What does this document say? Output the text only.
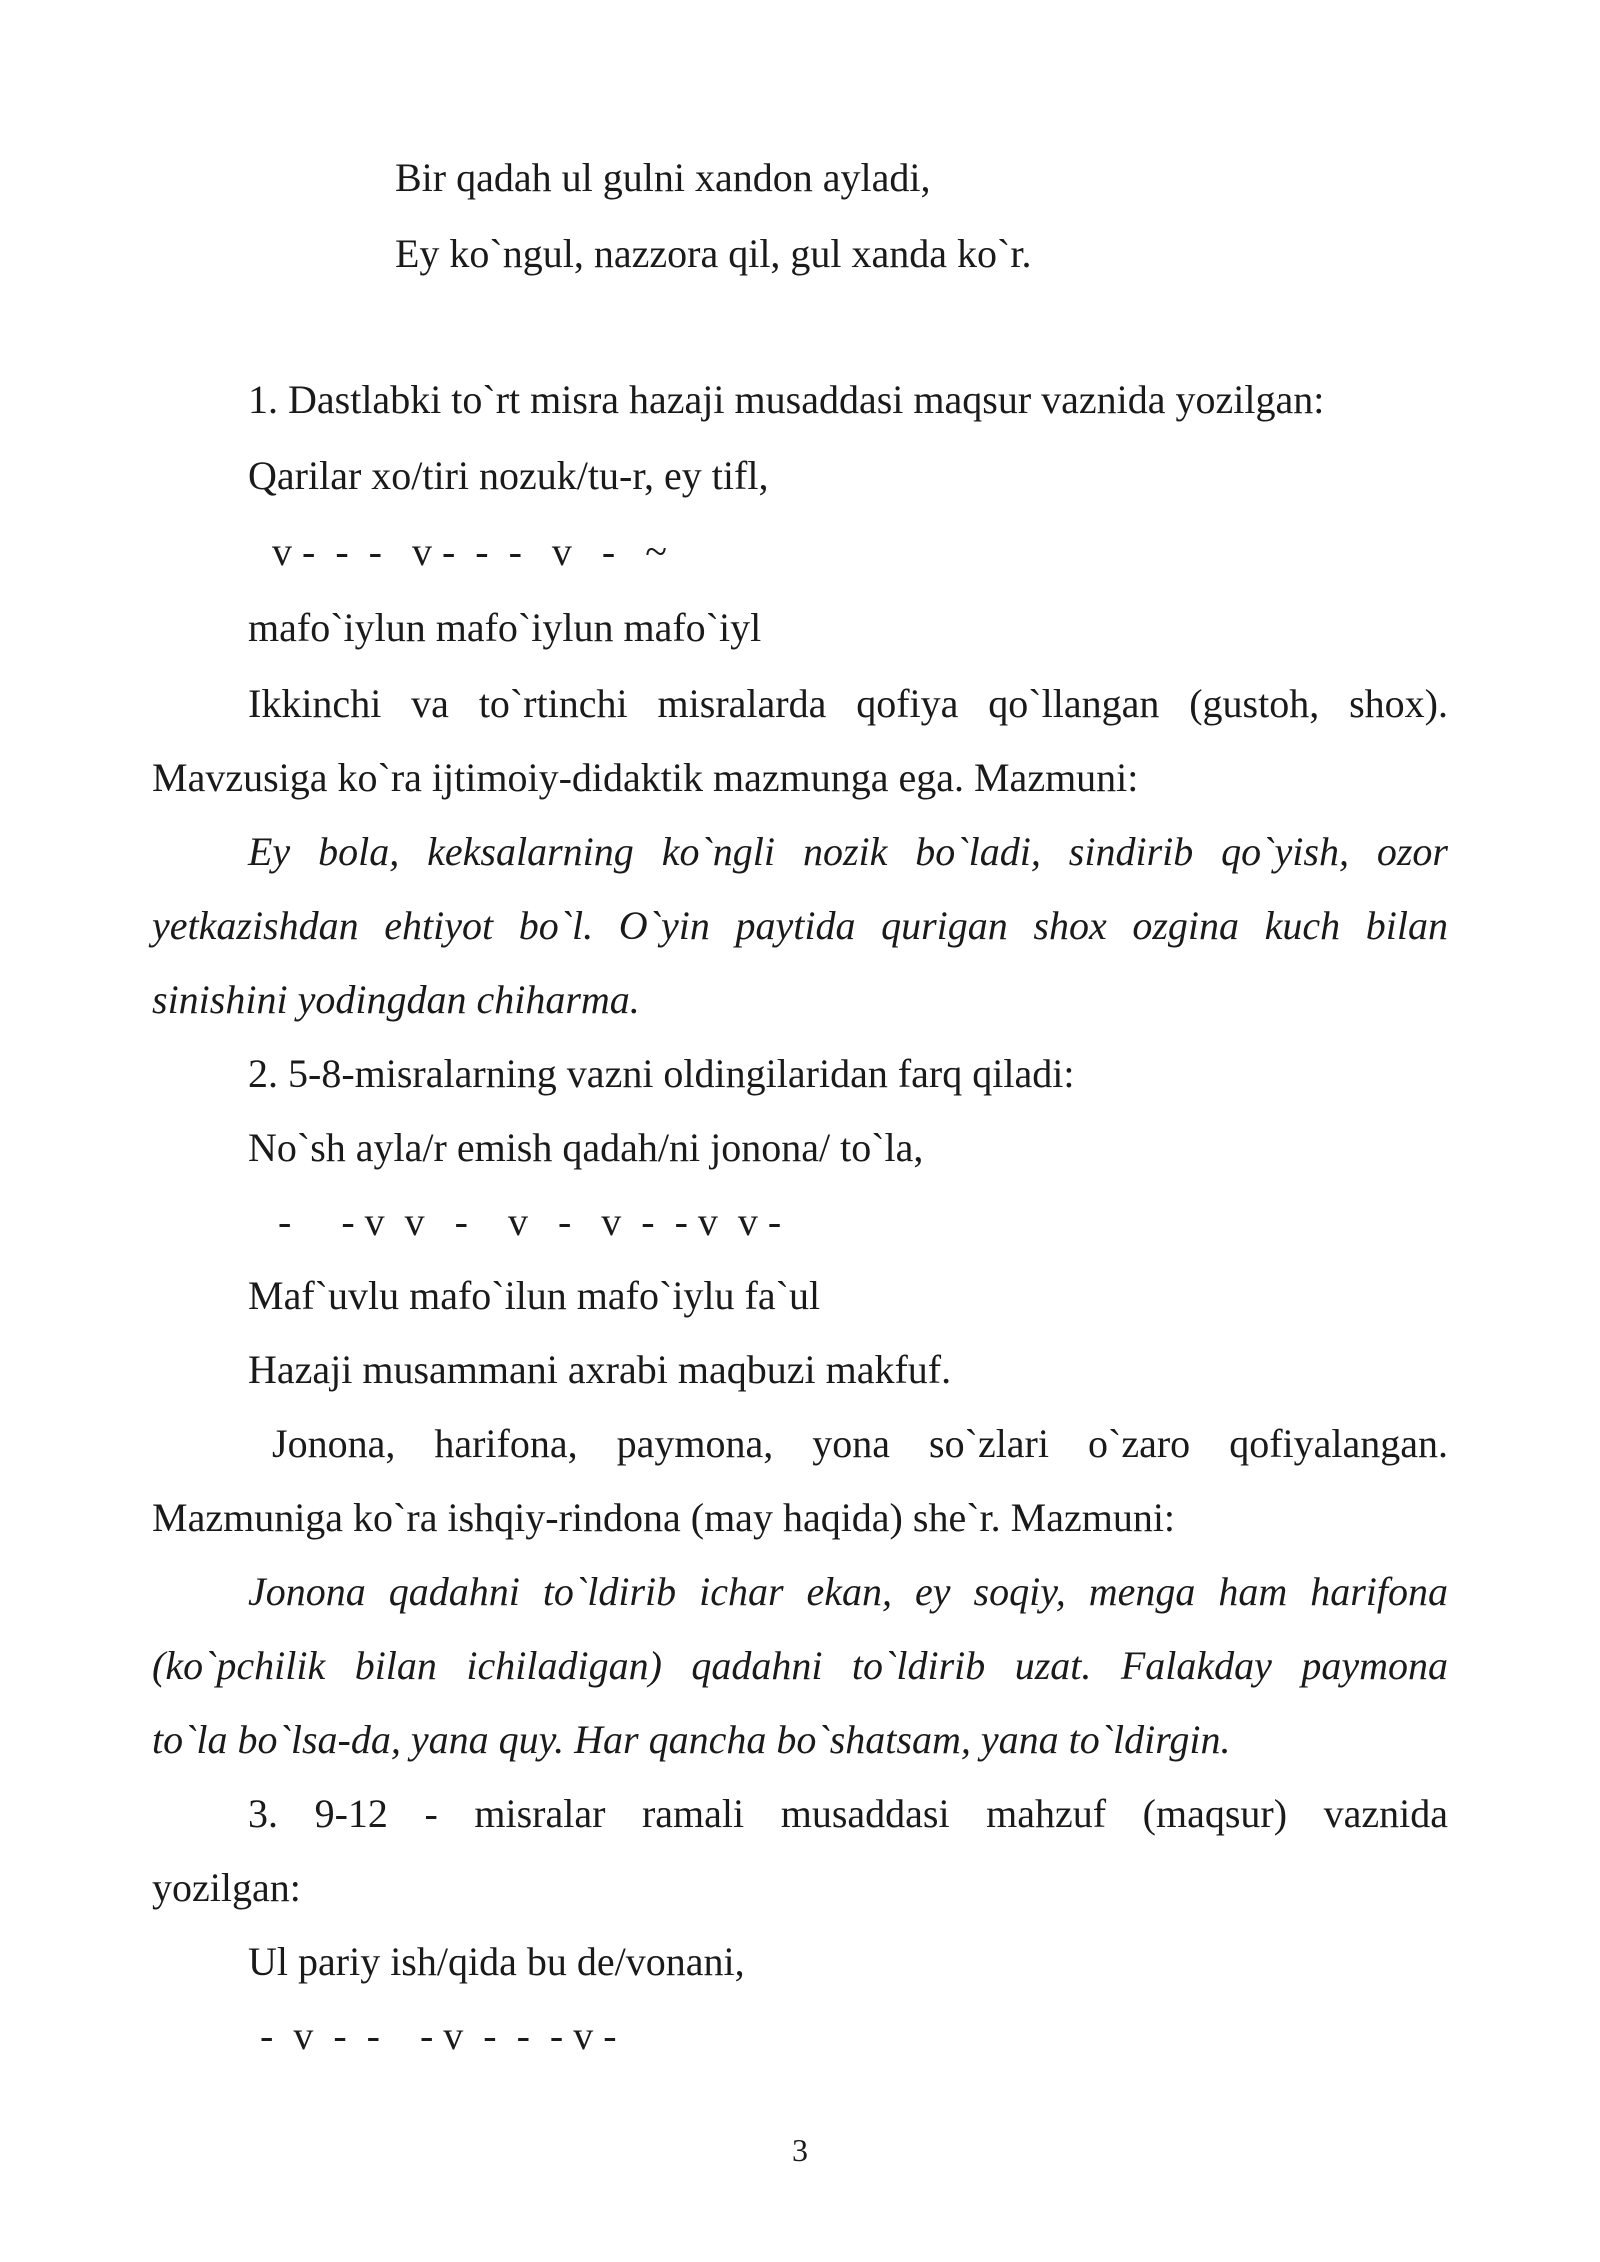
Bir qadah ul gulni xandon ayladi,
Ey ko`ngul, nazzora qil, gul xanda ko`r.
1. Dastlabki to`rt misra hazaji musaddasi maqsur vaznida yozilgan:
Qarilar xo/tiri nozuk/tu-r, ey tifl,
v -  -  -   v -  -  -   v   -   ~
mafo`iylun mafo`iylun mafo`iyl
Ikkinchi va to`rtinchi misralarda qofiya qo`llangan (gustoh, shox).
Mavzusiga ko`ra ijtimoiy-didaktik mazmunga ega. Mazmuni:
Ey bola, keksalarning ko`ngli nozik bo`ladi, sindirib qo`yish, ozor
yetkazishdan ehtiyot bo`l. O`yin paytida qurigan shox ozgina kuch bilan
sinishini yodingdan chiharma.
2. 5-8-misralarning vazni oldingilaridan farq qiladi:
No`sh ayla/r emish qadah/ni jonona/ to`la,
-     - v  v   -    v   -   v  -  - v  v -
Maf`uvlu mafo`ilun mafo`iylu fa`ul
Hazaji musammani axrabi maqbuzi makfuf.
Jonona, harifona, paymona, yona so`zlari o`zaro qofiyalangan.
Mazmuniga ko`ra ishqiy-rindona (may haqida) she`r. Mazmuni:
Jonona qadahni to`ldirib ichar ekan, ey soqiy, menga ham harifona
(ko`pchilik bilan ichiladigan) qadahni to`ldirib uzat. Falakday paymona
to`la bo`lsa-da, yana quy. Har qancha bo`shatsam, yana to`ldirgin.
3. 9-12 - misralar ramali musaddasi mahzuf (maqsur) vaznida
yozilgan:
Ul pariy ish/qida bu de/vonani,
-  v  -  -    - v  -  -  - v -
3
